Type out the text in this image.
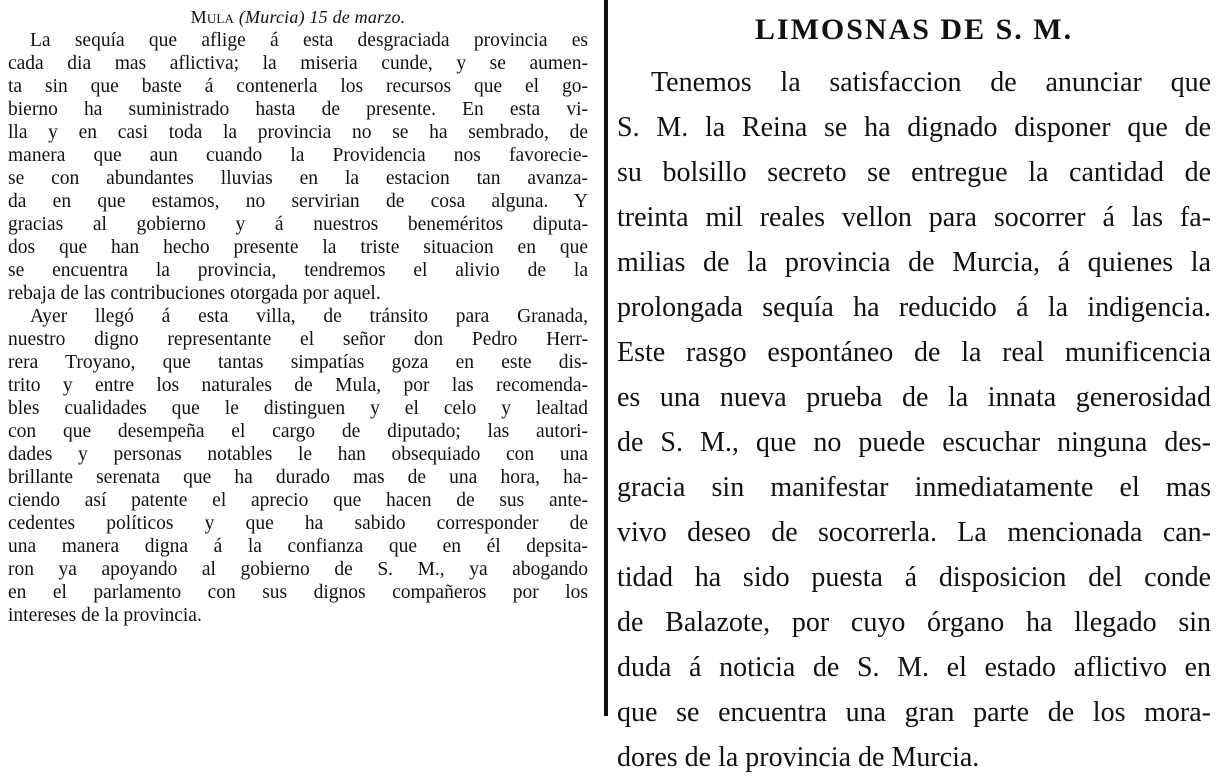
Mula (Murcia) 15 de marzo.
La sequía que aflige á esta desgraciada provincia es
cada dia mas aflictiva; la miseria cunde, y se aumen-
ta sin que baste á contenerla los recursos que el go-
bierno ha suministrado hasta de presente. En esta vi-
lla y en casi toda la provincia no se ha sembrado, de
manera que aun cuando la Providencia nos favorecie-
se con abundantes lluvias en la estacion tan avanza-
da en que estamos, no servirian de cosa alguna. Y
gracias al gobierno y á nuestros beneméritos diputa-
dos que han hecho presente la triste situacion en que
se encuentra la provincia, tendremos el alivio de la
rebaja de las contribuciones otorgada por aquel.
Ayer llegó á esta villa, de tránsito para Granada,
nuestro digno representante el señor don Pedro Herr-
rera Troyano, que tantas simpatías goza en este dis-
trito y entre los naturales de Mula, por las recomenda-
bles cualidades que le distinguen y el celo y lealtad
con que desempeña el cargo de diputado; las autori-
dades y personas notables le han obsequiado con una
brillante serenata que ha durado mas de una hora, ha-
ciendo así patente el aprecio que hacen de sus ante-
cedentes políticos y que ha sabido corresponder de
una manera digna á la confianza que en él depsita-
ron ya apoyando al gobierno de S. M., ya abogando
en el parlamento con sus dignos compañeros por los
intereses de la provincia.
LIMOSNAS DE S. M.
Tenemos la satisfaccion de anunciar que
S. M. la Reina se ha dignado disponer que de
su bolsillo secreto se entregue la cantidad de
treinta mil reales vellon para socorrer á las fa-
milias de la provincia de Murcia, á quienes la
prolongada sequía ha reducido á la indigencia.
Este rasgo espontáneo de la real munificencia
es una nueva prueba de la innata generosidad
de S. M., que no puede escuchar ninguna des-
gracia sin manifestar inmediatamente el mas
vivo deseo de socorrerla. La mencionada can-
tidad ha sido puesta á disposicion del conde
de Balazote, por cuyo órgano ha llegado sin
duda á noticia de S. M. el estado aflictivo en
que se encuentra una gran parte de los mora-
dores de la provincia de Murcia.
